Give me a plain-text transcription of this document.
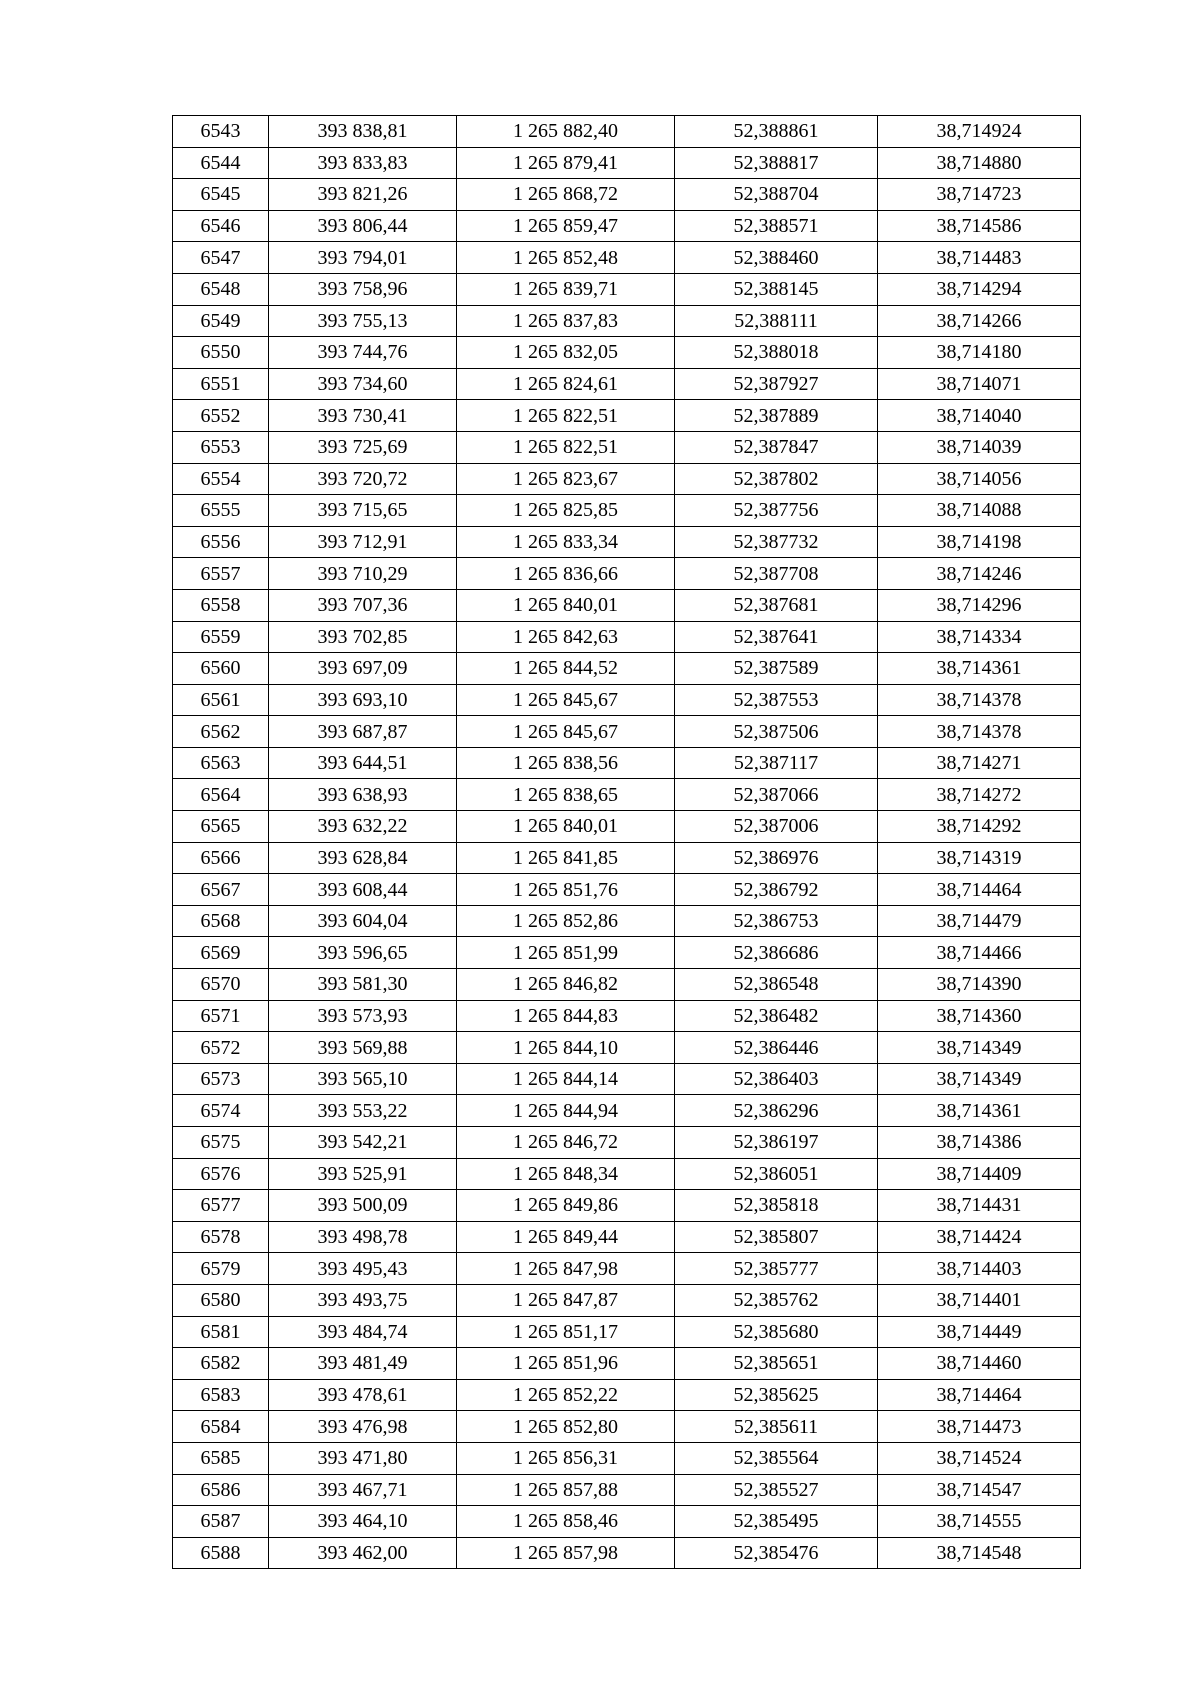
6543	393 838,81	1 265 882,40	52,388861	38,714924
6544	393 833,83	1 265 879,41	52,388817	38,714880
6545	393 821,26	1 265 868,72	52,388704	38,714723
6546	393 806,44	1 265 859,47	52,388571	38,714586
6547	393 794,01	1 265 852,48	52,388460	38,714483
6548	393 758,96	1 265 839,71	52,388145	38,714294
6549	393 755,13	1 265 837,83	52,388111	38,714266
6550	393 744,76	1 265 832,05	52,388018	38,714180
6551	393 734,60	1 265 824,61	52,387927	38,714071
6552	393 730,41	1 265 822,51	52,387889	38,714040
6553	393 725,69	1 265 822,51	52,387847	38,714039
6554	393 720,72	1 265 823,67	52,387802	38,714056
6555	393 715,65	1 265 825,85	52,387756	38,714088
6556	393 712,91	1 265 833,34	52,387732	38,714198
6557	393 710,29	1 265 836,66	52,387708	38,714246
6558	393 707,36	1 265 840,01	52,387681	38,714296
6559	393 702,85	1 265 842,63	52,387641	38,714334
6560	393 697,09	1 265 844,52	52,387589	38,714361
6561	393 693,10	1 265 845,67	52,387553	38,714378
6562	393 687,87	1 265 845,67	52,387506	38,714378
6563	393 644,51	1 265 838,56	52,387117	38,714271
6564	393 638,93	1 265 838,65	52,387066	38,714272
6565	393 632,22	1 265 840,01	52,387006	38,714292
6566	393 628,84	1 265 841,85	52,386976	38,714319
6567	393 608,44	1 265 851,76	52,386792	38,714464
6568	393 604,04	1 265 852,86	52,386753	38,714479
6569	393 596,65	1 265 851,99	52,386686	38,714466
6570	393 581,30	1 265 846,82	52,386548	38,714390
6571	393 573,93	1 265 844,83	52,386482	38,714360
6572	393 569,88	1 265 844,10	52,386446	38,714349
6573	393 565,10	1 265 844,14	52,386403	38,714349
6574	393 553,22	1 265 844,94	52,386296	38,714361
6575	393 542,21	1 265 846,72	52,386197	38,714386
6576	393 525,91	1 265 848,34	52,386051	38,714409
6577	393 500,09	1 265 849,86	52,385818	38,714431
6578	393 498,78	1 265 849,44	52,385807	38,714424
6579	393 495,43	1 265 847,98	52,385777	38,714403
6580	393 493,75	1 265 847,87	52,385762	38,714401
6581	393 484,74	1 265 851,17	52,385680	38,714449
6582	393 481,49	1 265 851,96	52,385651	38,714460
6583	393 478,61	1 265 852,22	52,385625	38,714464
6584	393 476,98	1 265 852,80	52,385611	38,714473
6585	393 471,80	1 265 856,31	52,385564	38,714524
6586	393 467,71	1 265 857,88	52,385527	38,714547
6587	393 464,10	1 265 858,46	52,385495	38,714555
6588	393 462,00	1 265 857,98	52,385476	38,714548
